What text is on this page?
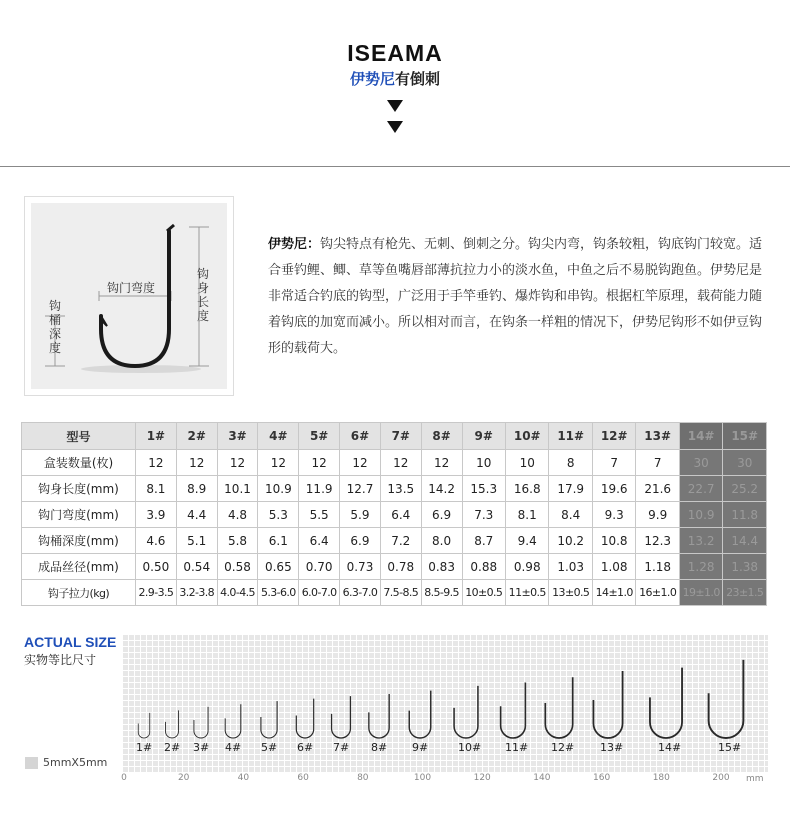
ISEAMA
伊势尼有倒刺
钩门弯度
钩身长度
钩桶深度
伊势尼：钩尖特点有枪先、无刺、倒刺之分。钩尖内弯，钩条较粗，钩底钩门较宽。适合垂钓鲤、鲫、草等鱼嘴唇部薄抗拉力小的淡水鱼，中鱼之后不易脱钩跑鱼。伊势尼是非常适合钓底的钩型，广泛用于手竿垂钓、爆炸钩和串钩。根据杠竿原理，载荷能力随着钩底的加宽而减小。所以相对而言，在钩条一样粗的情况下，伊势尼钩形不如伊豆钩形的载荷大。
型号	1#	2#	3#	4#	5#	6#	7#	8#	9#	10#	11#	12#	13#	14#	15#
盒装数量(枚)	12	12	12	12	12	12	12	12	10	10	8	7	7	30	30
钩身长度(mm)	8.1	8.9	10.1	10.9	11.9	12.7	13.5	14.2	15.3	16.8	17.9	19.6	21.6	22.7	25.2
钩门弯度(mm)	3.9	4.4	4.8	5.3	5.5	5.9	6.4	6.9	7.3	8.1	8.4	9.3	9.9	10.9	11.8
钩桶深度(mm)	4.6	5.1	5.8	6.1	6.4	6.9	7.2	8.0	8.7	9.4	10.2	10.8	12.3	13.2	14.4
成品丝径(mm)	0.50	0.54	0.58	0.65	0.70	0.73	0.78	0.83	0.88	0.98	1.03	1.08	1.18	1.28	1.38
钩子拉力(kg)	2.9-3.5	3.2-3.8	4.0-4.5	5.3-6.0	6.0-7.0	6.3-7.0	7.5-8.5	8.5-9.5	10±0.5	11±0.5	13±0.5	14±1.0	16±1.0	19±1.0	23±1.5
ACTUAL SIZE
实物等比尺寸
1# 2# 3# 4# 5# 6# 7# 8# 9#	10# 11# 12# 13#	14#	15#
5mmX5mm
0	20	40	60	80	100	120	140	160	180	200 mm
